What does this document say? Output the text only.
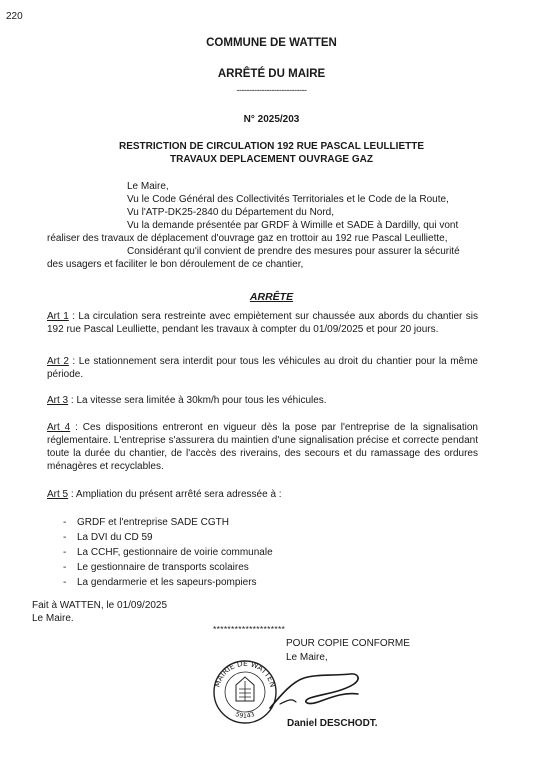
220
COMMUNE DE WATTEN
ARRÊTÉ DU MAIRE
----------------------------
N° 2025/203
RESTRICTION DE CIRCULATION 192 RUE PASCAL LEULLIETTE
TRAVAUX DEPLACEMENT OUVRAGE GAZ
Le Maire,
Vu le Code Général des Collectivités Territoriales et le Code de la Route,
Vu l'ATP-DK25-2840 du Département du Nord,
Vu la demande présentée par GRDF à Wimille et SADE à Dardilly, qui vont
réaliser des travaux de déplacement d'ouvrage gaz en trottoir au 192 rue Pascal Leulliette,
Considérant qu'il convient de prendre des mesures pour assurer la sécurité
des usagers et faciliter le bon déroulement de ce chantier,
ARRÊTE
Art 1 : La circulation sera restreinte avec empiètement sur chaussée aux abords du chantier sis 192 rue Pascal Leulliette, pendant les travaux à compter du 01/09/2025 et pour 20 jours.
Art 2 : Le stationnement sera interdit pour tous les véhicules au droit du chantier pour la même période.
Art 3 : La vitesse sera limitée à 30km/h pour tous les véhicules.
Art 4 : Ces dispositions entreront en vigueur dès la pose par l'entreprise de la signalisation réglementaire. L'entreprise s'assurera du maintien d'une signalisation précise et correcte pendant toute la durée du chantier, de l'accès des riverains, des secours et du ramassage des ordures ménagères et recyclables.
Art 5 : Ampliation du présent arrêté sera adressée à :
- GRDF et l'entreprise SADE CGTH
- La DVI du CD 59
- La CCHF, gestionnaire de voirie communale
- Le gestionnaire de transports scolaires
- La gendarmerie et les sapeurs-pompiers
Fait à WATTEN, le 01/09/2025
Le Maire.
********************
POUR COPIE CONFORME
Le Maire,
MAIRIE DE WATTEN
59143
Daniel DESCHODT.
